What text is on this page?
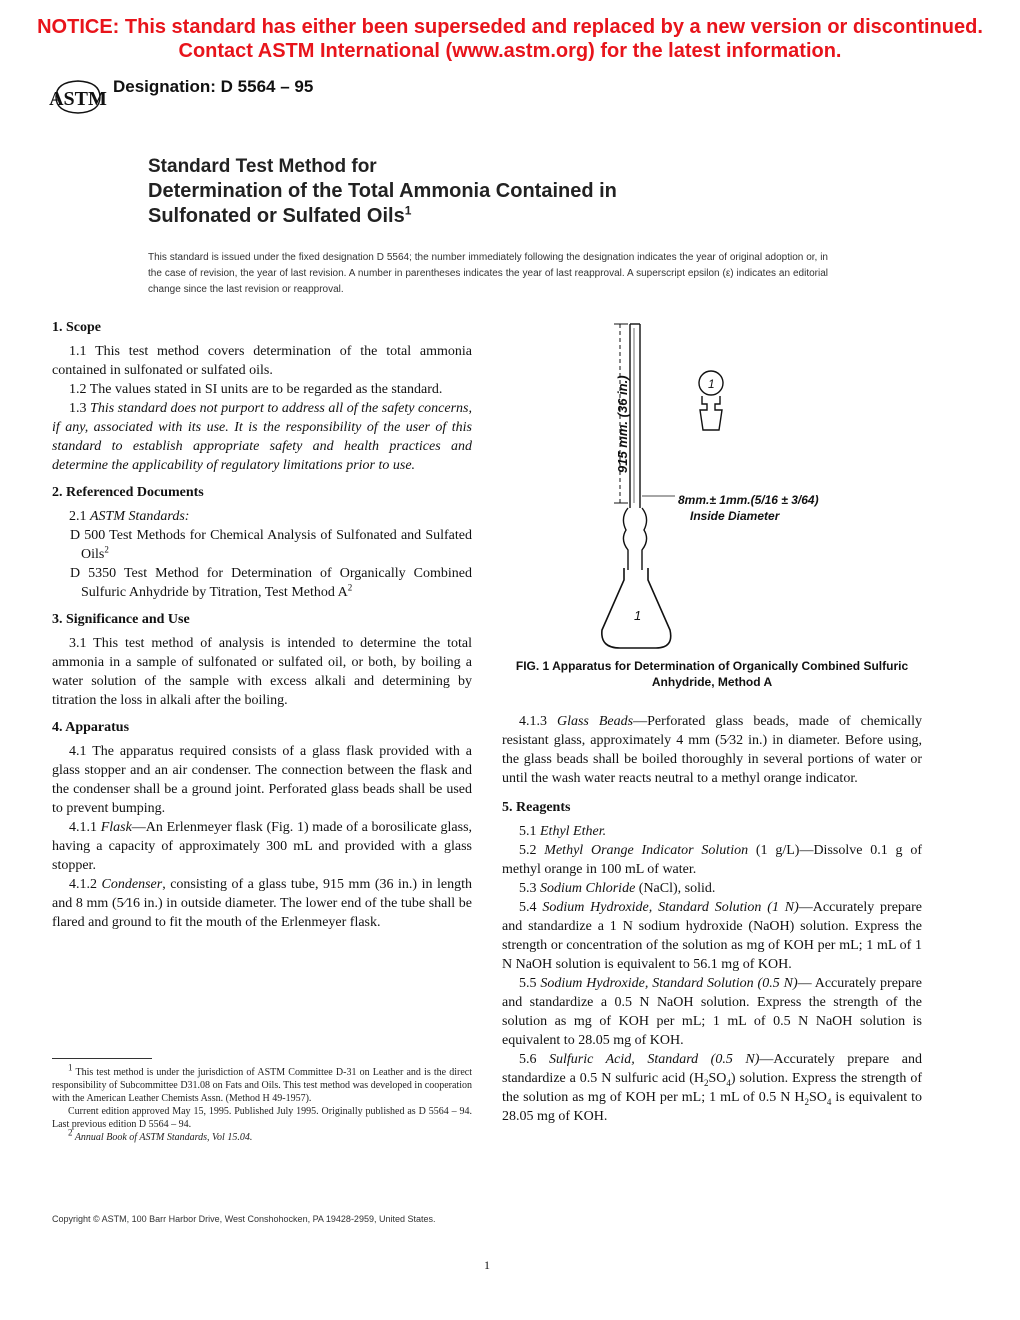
NOTICE: This standard has either been superseded and replaced by a new version or discontinued.
Contact ASTM International (www.astm.org) for the latest information.
ASTM
Designation: D 5564 – 95
Standard Test Method for
Determination of the Total Ammonia Contained in
Sulfonated or Sulfated Oils$^1$
This standard is issued under the fixed designation D 5564; the number immediately following the designation indicates the year of original adoption or, in the case of revision, the year of last revision. A number in parentheses indicates the year of last reapproval. A superscript epsilon (ε) indicates an editorial change since the last revision or reapproval.
1. Scope

1.1 This test method covers determination of the total ammonia contained in sulfonated or sulfated oils.

1.2 The values stated in SI units are to be regarded as the standard.

1.3 This standard does not purport to address all of the safety concerns, if any, associated with its use. It is the responsibility of the user of this standard to establish appropriate safety and health practices and determine the applicability of regulatory limitations prior to use.

2. Referenced Documents

2.1 ASTM Standards:

D 500 Test Methods for Chemical Analysis of Sulfonated and Sulfated Oils$^2$

D 5350 Test Method for Determination of Organically Combined Sulfuric Anhydride by Titration, Test Method $A^2$

3. Significance and Use

3.1 This test method of analysis is intended to determine the total ammonia in a sample of sulfonated or sulfated oil, or both, by boiling a water solution of the sample with excess alkali and determining by titration the loss in alkali after the boiling.

4. Apparatus

4.1 The apparatus required consists of a glass flask provided with a glass stopper and an air condenser. The connection between the flask and the condenser shall be a ground joint. Perforated glass beads shall be used to prevent bumping.

4.1.1 Flask—An Erlenmeyer flask (Fig. 1) made of a borosilicate glass, having a capacity of approximately 300 mL and provided with a glass stopper.

4.1.2 Condenser, consisting of a glass tube, 915 mm (36 in.) in length and 8 mm (5⁄16 in.) in outside diameter. The lower end of the tube shall be flared and ground to fit the mouth of the Erlenmeyer flask.

$^1$ This test method is under the jurisdiction of ASTM Committee D-31 on Leather and is the direct responsibility of Subcommittee D31.08 on Fats and Oils. This test method was developed in cooperation with the American Leather Chemists Assn. (Method H 49-1957).

Current edition approved May 15, 1995. Published July 1995. Originally published as D 5564 – 94. Last previous edition D 5564 – 94.

$^2$ Annual Book of ASTM Standards, Vol 15.04.

915 mm. (36 in.)
8mm.± 1mm.(5/16 ± 3/64)
Inside Diameter
1
1
FIG. 1 Apparatus for Determination of Organically Combined Sulfuric Anhydride, Method A

4.1.3 Glass Beads—Perforated glass beads, made of chemically resistant glass, approximately 4 mm (5⁄32 in.) in diameter. Before using, the glass beads shall be boiled thoroughly in several portions of water or until the wash water reacts neutral to a methyl orange indicator.

5. Reagents

5.1 Ethyl Ether.

5.2 Methyl Orange Indicator Solution (1 g/L)—Dissolve 0.1 g of methyl orange in 100 mL of water.

5.3 Sodium Chloride (NaCl), solid.

5.4 Sodium Hydroxide, Standard Solution (1 N)—Accurately prepare and standardize a 1 N sodium hydroxide (NaOH) solution. Express the strength or concentration of the solution as mg of KOH per mL; 1 mL of 1 N NaOH solution is equivalent to 56.1 mg of KOH.

5.5 Sodium Hydroxide, Standard Solution (0.5 N)— Accurately prepare and standardize a 0.5 N NaOH solution. Express the strength of the solution as mg of KOH per mL; 1 mL of 0.5 N NaOH solution is equivalent to 28.05 mg of KOH.

5.6 Sulfuric Acid, Standard (0.5 N)—Accurately prepare and standardize a 0.5 N sulfuric acid $(H_2SO_4)$ solution. Express the strength of the solution as mg of KOH per mL; 1 mL of 0.5 N $H_2SO_4$ is equivalent to 28.05 mg of KOH.

Copyright © ASTM, 100 Barr Harbor Drive, West Conshohocken, PA 19428-2959, United States.
1
